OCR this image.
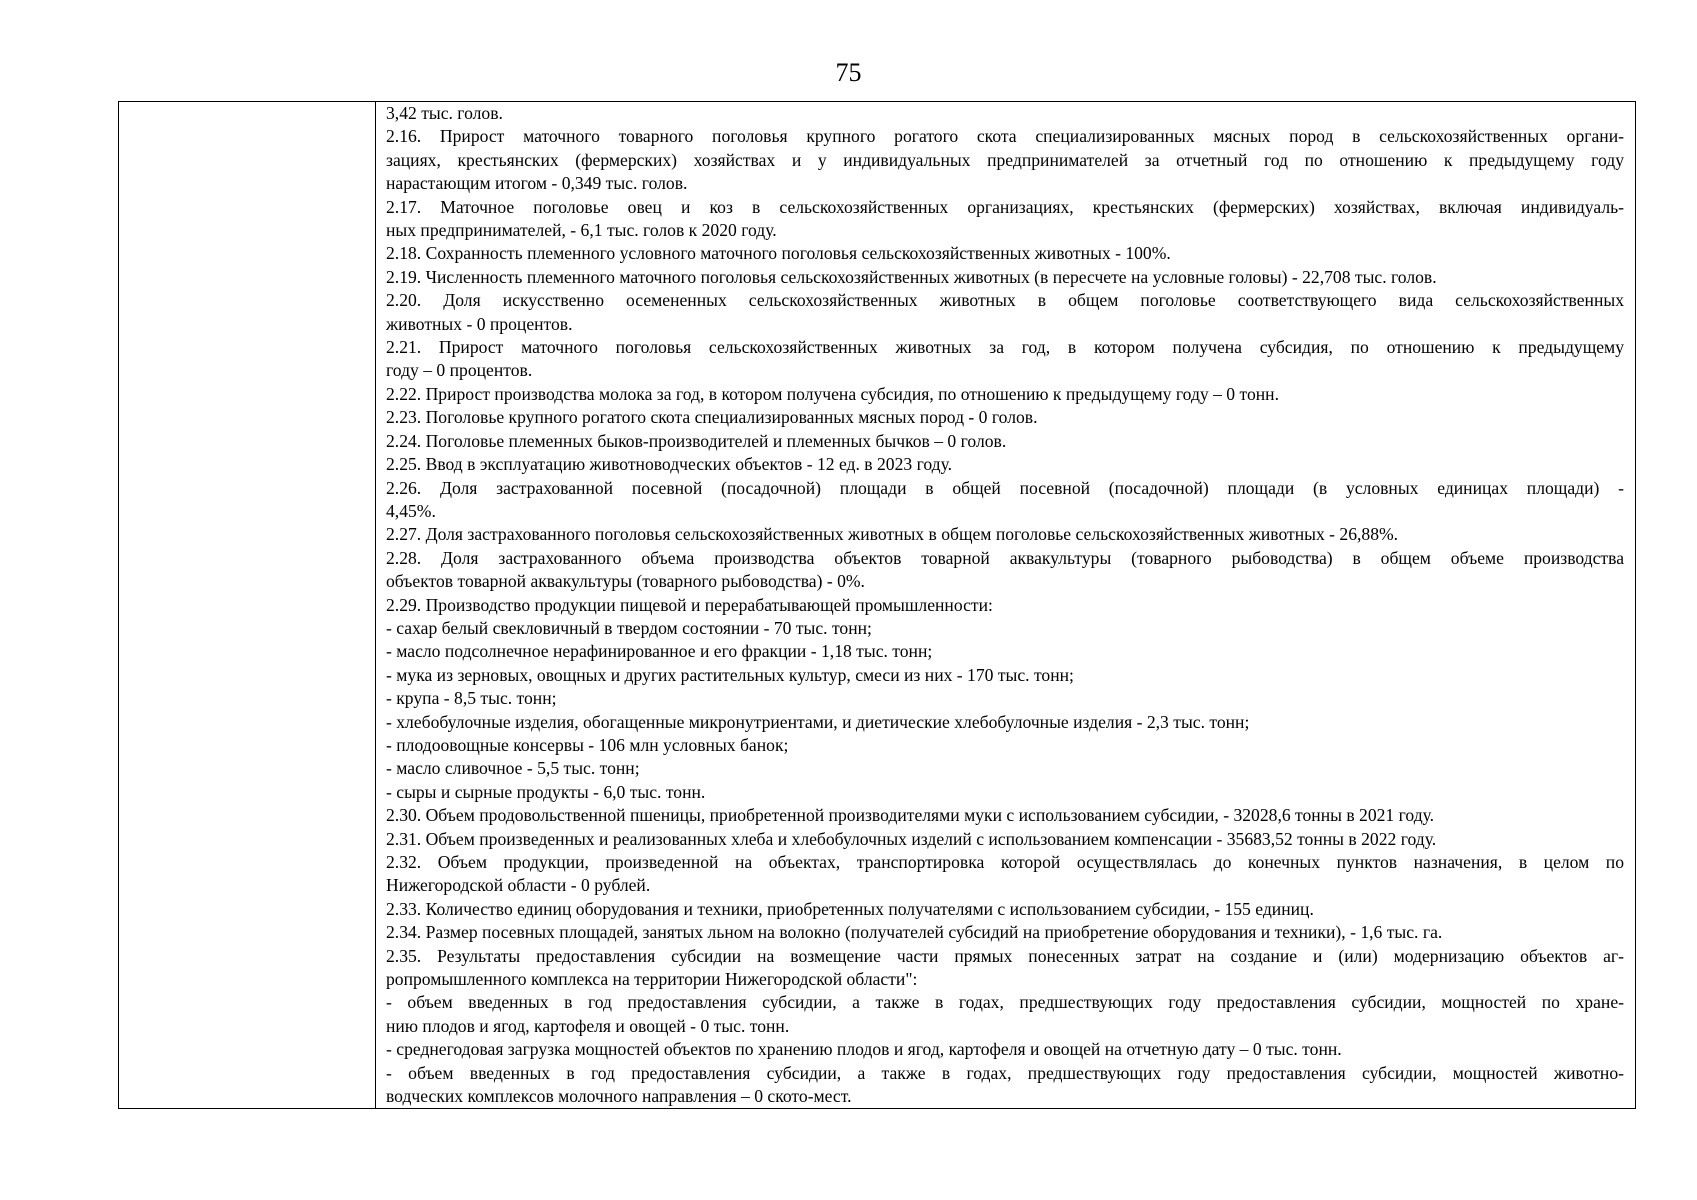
75

3,42 тыс. голов.
2.16. Прирост маточного товарного поголовья крупного рогатого скота специализированных мясных пород в сельскохозяйственных органи-
зациях, крестьянских (фермерских) хозяйствах и у индивидуальных предпринимателей за отчетный год по отношению к предыдущему году
нарастающим итогом - 0,349 тыс. голов.
2.17. Маточное поголовье овец и коз в сельскохозяйственных организациях, крестьянских (фермерских) хозяйствах, включая индивидуаль-
ных предпринимателей, - 6,1 тыс. голов к 2020 году.
2.18. Сохранность племенного условного маточного поголовья сельскохозяйственных животных - 100%.
2.19. Численность племенного маточного поголовья сельскохозяйственных животных (в пересчете на условные головы) - 22,708 тыс. голов.
2.20. Доля искусственно осемененных сельскохозяйственных животных в общем поголовье соответствующего вида сельскохозяйственных
животных - 0 процентов.
2.21. Прирост маточного поголовья сельскохозяйственных животных за год, в котором получена субсидия, по отношению к предыдущему
году – 0 процентов.
2.22. Прирост производства молока за год, в котором получена субсидия, по отношению к предыдущему году – 0 тонн.
2.23. Поголовье крупного рогатого скота специализированных мясных пород - 0 голов.
2.24. Поголовье племенных быков-производителей и племенных бычков – 0 голов.
2.25. Ввод в эксплуатацию животноводческих объектов - 12 ед. в 2023 году.
2.26. Доля застрахованной посевной (посадочной) площади в общей посевной (посадочной) площади (в условных единицах площади) -
4,45%.
2.27. Доля застрахованного поголовья сельскохозяйственных животных в общем поголовье сельскохозяйственных животных - 26,88%.
2.28. Доля застрахованного объема производства объектов товарной аквакультуры (товарного рыбоводства) в общем объеме производства
объектов товарной аквакультуры (товарного рыбоводства) - 0%.
2.29. Производство продукции пищевой и перерабатывающей промышленности:
- сахар белый свекловичный в твердом состоянии - 70 тыс. тонн;
- масло подсолнечное нерафинированное и его фракции - 1,18 тыс. тонн;
- мука из зерновых, овощных и других растительных культур, смеси из них - 170 тыс. тонн;
- крупа - 8,5 тыс. тонн;
- хлебобулочные изделия, обогащенные микронутриентами, и диетические хлебобулочные изделия - 2,3 тыс. тонн;
- плодоовощные консервы - 106 млн условных банок;
- масло сливочное - 5,5 тыс. тонн;
- сыры и сырные продукты - 6,0 тыс. тонн.
2.30. Объем продовольственной пшеницы, приобретенной производителями муки с использованием субсидии, - 32028,6 тонны в 2021 году.
2.31. Объем произведенных и реализованных хлеба и хлебобулочных изделий с использованием компенсации - 35683,52 тонны в 2022 году.
2.32. Объем продукции, произведенной на объектах, транспортировка которой осуществлялась до конечных пунктов назначения, в целом по
Нижегородской области - 0 рублей.
2.33. Количество единиц оборудования и техники, приобретенных получателями с использованием субсидии, - 155 единиц.
2.34. Размер посевных площадей, занятых льном на волокно (получателей субсидий на приобретение оборудования и техники), - 1,6 тыс. га.
2.35. Результаты предоставления субсидии на возмещение части прямых понесенных затрат на создание и (или) модернизацию объектов аг-
ропромышленного комплекса на территории Нижегородской области":
- объем введенных в год предоставления субсидии, а также в годах, предшествующих году предоставления субсидии, мощностей по хране-
нию плодов и ягод, картофеля и овощей - 0 тыс. тонн.
- среднегодовая загрузка мощностей объектов по хранению плодов и ягод, картофеля и овощей на отчетную дату – 0 тыс. тонн.
- объем введенных в год предоставления субсидии, а также в годах, предшествующих году предоставления субсидии, мощностей животно-
водческих комплексов молочного направления – 0 ското-мест.
